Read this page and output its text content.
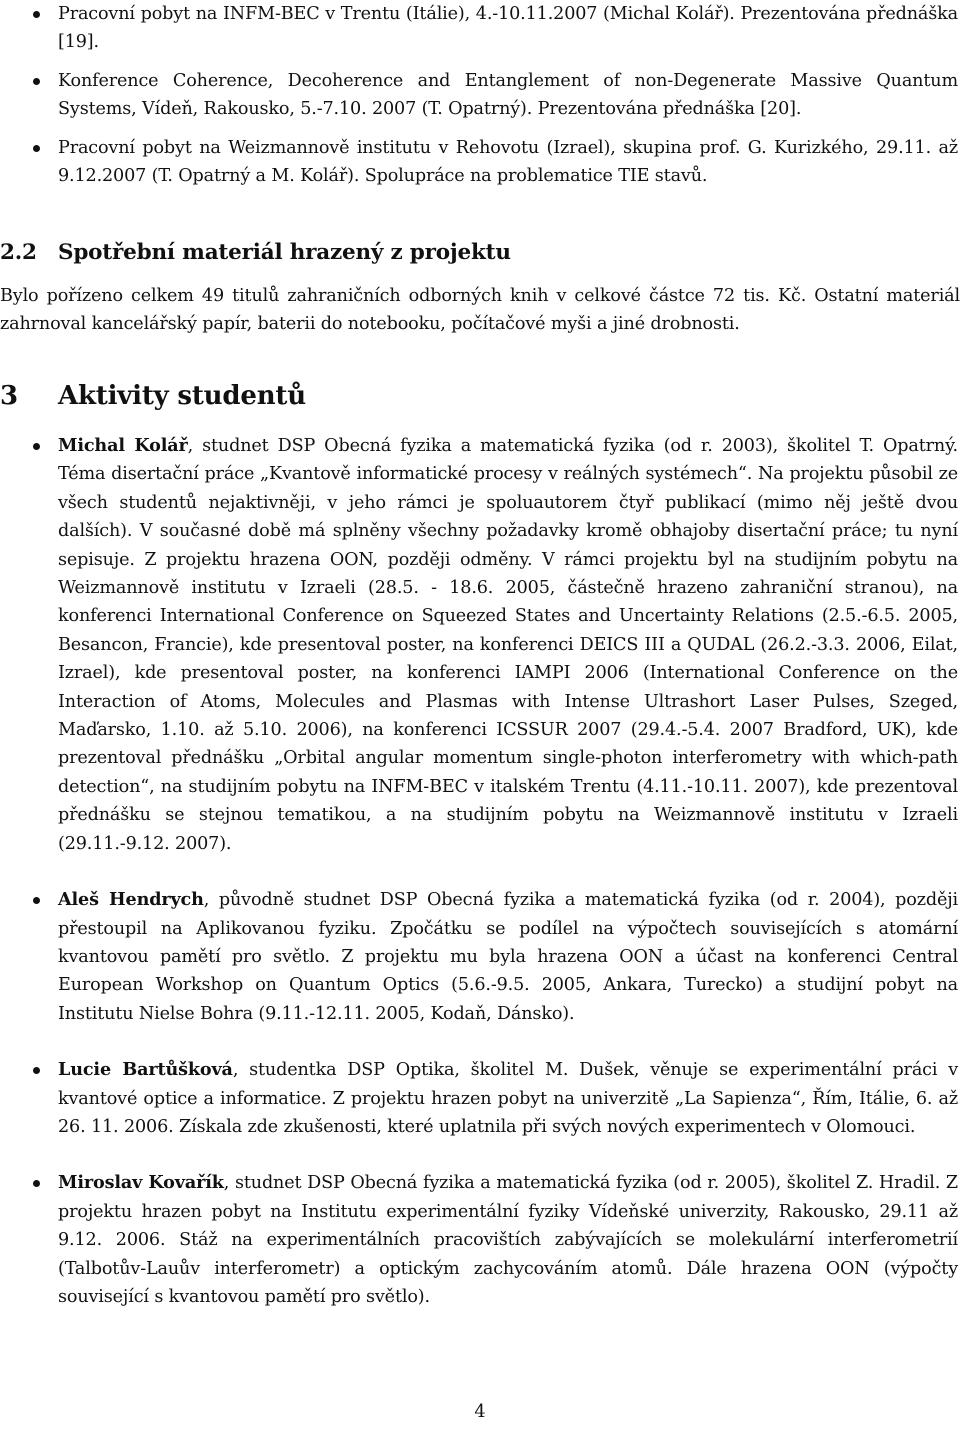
Pracovní pobyt na INFM-BEC v Trentu (Itálie), 4.-10.11.2007 (Michal Kolář). Prezentována přednáška [19].

Konference Coherence, Decoherence and Entanglement of non-Degenerate Massive Quantum Systems, Vídeň, Rakousko, 5.-7.10. 2007 (T. Opatrný). Prezentována přednáška [20].

Pracovní pobyt na Weizmannově institutu v Rehovotu (Izrael), skupina prof. G. Kurizkého, 29.11. až 9.12.2007 (T. Opatrný a M. Kolář). Spolupráce na problematice TIE stavů.

2.2 Spotřební materiál hrazený z projektu

Bylo pořízeno celkem 49 titulů zahraničních odborných knih v celkové částce 72 tis. Kč. Ostatní materiál zahrnoval kancelářský papír, baterii do notebooku, počítačové myši a jiné drobnosti.

3 Aktivity studentů

Michal Kolář, studnet DSP Obecná fyzika a matematická fyzika (od r. 2003), školitel T. Opatrný. Téma disertační práce „Kvantově informatické procesy v reálných systémech“. Na projektu působil ze všech studentů nejaktivněji, v jeho rámci je spoluautorem čtyř publikací (mimo něj ještě dvou dalších). V současné době má splněny všechny požadavky kromě obhajoby disertační práce; tu nyní sepisuje. Z projektu hrazena OON, později odměny. V rámci projektu byl na studijním pobytu na Weizmannově institutu v Izraeli (28.5. - 18.6. 2005, částečně hrazeno zahraniční stranou), na konferenci International Conference on Squeezed States and Uncertainty Relations (2.5.-6.5. 2005, Besancon, Francie), kde presentoval poster, na konferenci DEICS III a QUDAL (26.2.-3.3. 2006, Eilat, Izrael), kde presentoval poster, na konferenci IAMPI 2006 (International Conference on the Interaction of Atoms, Molecules and Plasmas with Intense Ultrashort Laser Pulses, Szeged, Maďarsko, 1.10. až 5.10. 2006), na konferenci ICSSUR 2007 (29.4.-5.4. 2007 Bradford, UK), kde prezentoval přednášku „Orbital angular momentum single-photon interferometry with which-path detection“, na studijním pobytu na INFM-BEC v italském Trentu (4.11.-10.11. 2007), kde prezentoval přednášku se stejnou tematikou, a na studijním pobytu na Weizmannově institutu v Izraeli (29.11.-9.12. 2007).

Aleš Hendrych, původně studnet DSP Obecná fyzika a matematická fyzika (od r. 2004), později přestoupil na Aplikovanou fyziku. Zpočátku se podílel na výpočtech souvisejících s atomární kvantovou pamětí pro světlo. Z projektu mu byla hrazena OON a účast na konferenci Central European Workshop on Quantum Optics (5.6.-9.5. 2005, Ankara, Turecko) a studijní pobyt na Institutu Nielse Bohra (9.11.-12.11. 2005, Kodaň, Dánsko).

Lucie Bartůšková, studentka DSP Optika, školitel M. Dušek, věnuje se experimentální práci v kvantové optice a informatice. Z projektu hrazen pobyt na univerzitě „La Sapienza“, Řím, Itálie, 6. až 26. 11. 2006. Získala zde zkušenosti, které uplatnila při svých nových experimentech v Olomouci.

Miroslav Kovařík, studnet DSP Obecná fyzika a matematická fyzika (od r. 2005), školitel Z. Hradil. Z projektu hrazen pobyt na Institutu experimentální fyziky Vídeňské univerzity, Rakousko, 29.11 až 9.12. 2006. Stáž na experimentálních pracovištích zabývajících se molekulární interferometrií (Talbotův-Lauův interferometr) a optickým zachycováním atomů. Dále hrazena OON (výpočty související s kvantovou pamětí pro světlo).

4
